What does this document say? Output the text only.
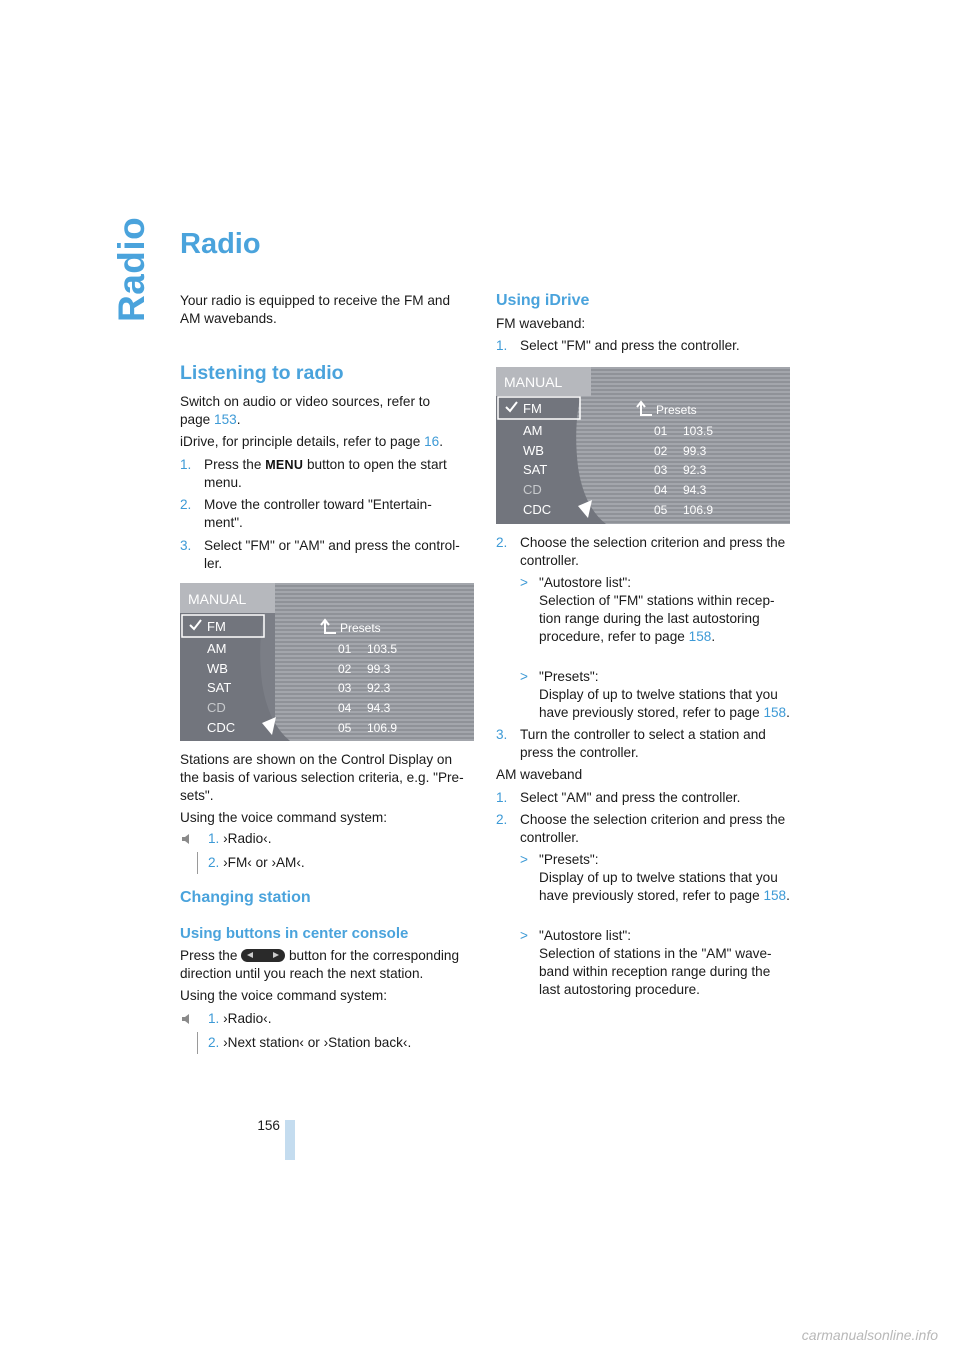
Radio Radio

Your radio is equipped to receive the FM and AM wavebands.

Listening to radio

Switch on audio or video sources, refer to page 153.

iDrive, for principle details, refer to page 16.

1. Press the MENU button to open the start menu.
2. Move the controller toward "Entertain-ment".
3. Select "FM" or "AM" and press the control-ler.
MANUAL
FM
AM
WB
SAT
CD
CDC
Presets
01 103.5
02 99.3
03 92.3
04 94.3
05 106.9

Stations are shown on the Control Display on the basis of various selection criteria, e.g. "Pre-sets".

Using the voice command system:

1. ›Radio‹.
2. ›FM‹ or ›AM‹.
Changing station
Using buttons in center console

Press the	button for the corresponding direction until you reach the next station.

Using the voice command system:

1. ›Radio‹.
2. ›Next station‹ or ›Station back‹.
Using iDrive

FM waveband:

1. Select "FM" and press the controller.
MANUAL
FM
AM
WB
SAT
CD
CDC
Presets
01 103.5
02 99.3
03 92.3
04 94.3
05 106.9
2. Choose the selection criterion and press the controller.
> "Autostore list":
Selection of "FM" stations within recep-tion range during the last autostoring procedure, refer to page 158.
> "Presets":
Display of up to twelve stations that you have previously stored, refer to page 158.
3. Turn the controller to select a station and press the controller.

AM waveband

1. Select "AM" and press the controller.
2. Choose the selection criterion and press the controller.
> "Presets":
Display of up to twelve stations that you have previously stored, refer to page 158.
> "Autostore list":
Selection of stations in the "AM" wave-band within reception range during the last autostoring procedure.
156
carmanualsonline.info
